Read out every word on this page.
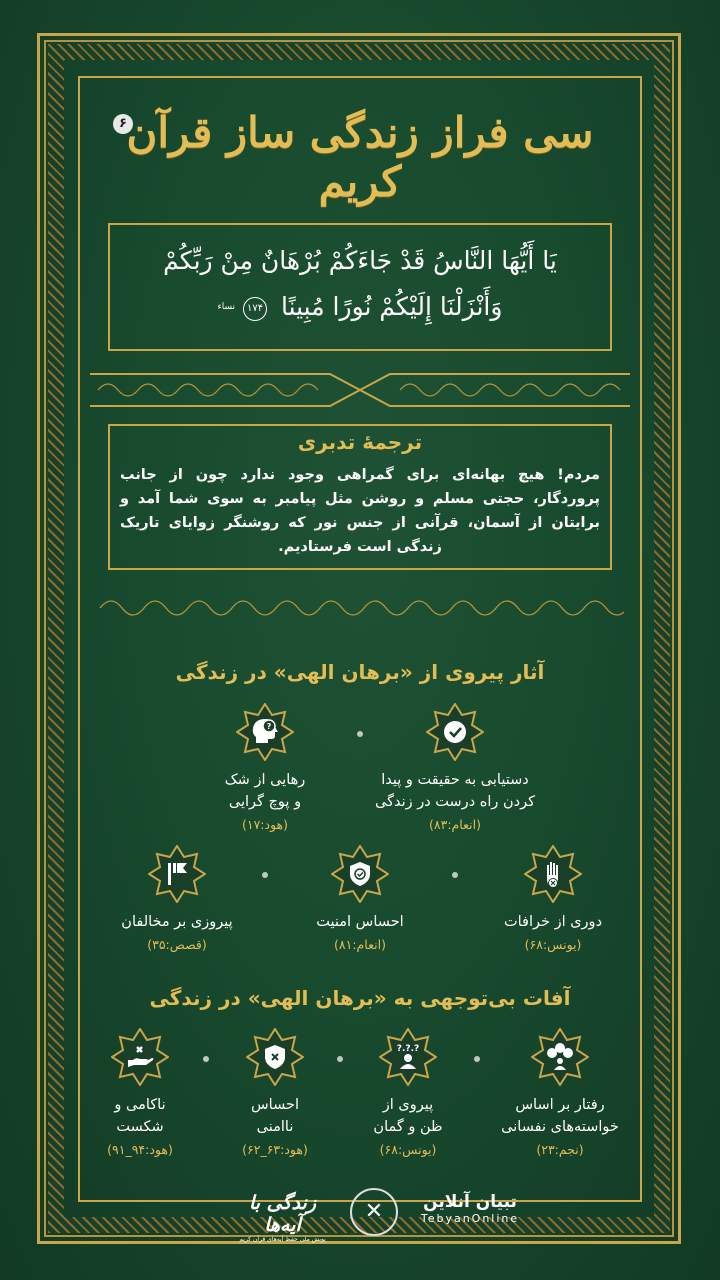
۶ سی فراز زندگی ساز قرآن کریم
يَا أَيُّهَا النَّاسُ قَدْ جَاءَكُمْ بُرْهَانٌ مِنْ رَبِّكُمْ
وَأَنْزَلْنَا إِلَيْكُمْ نُورًا مُبِينًا ۱۷۴ نساء
ترجمهٔ تدبری
مردم! هیچ بهانه‌ای برای گمراهی وجود ندارد چون از جانب پروردگار، حجتی مسلم و روشن مثل پیامبر به سوی شما آمد و برایتان از آسمان، قرآنی از جنس نور که روشنگر زوایای تاریک زندگی است فرستادیم.
آثار پیروی از «برهان الهی» در زندگی
دستیابی به حقیقت و پیدا
کردن راه درست در زندگی
(انعام:۸۳)
?
رهایی از شک
و پوچ گرایی
(هود:۱۷)
دوری از خرافات
(یونس:۶۸)
احساس امنیت
(انعام:۸۱)
پیروزی بر مخالفان
(قصص:۳۵)
آفات بی‌توجهی به «برهان الهی» در زندگی
رفتار بر اساس
خواسته‌های نفسانی
(نجم:۲۳)
?.?.?
پیروی از
ظن و گمان
(یونس:۶۸)
احساس
ناامنی
(هود:۶۳_۶۲)
ناکامی و
شکست
(هود:۹۴_۹۱)
زندگی با آیه‌ها
پویش ملی حفظ آیه‌های قرآن کریم
✕	تبیان آنلاین
TebyanOnline
